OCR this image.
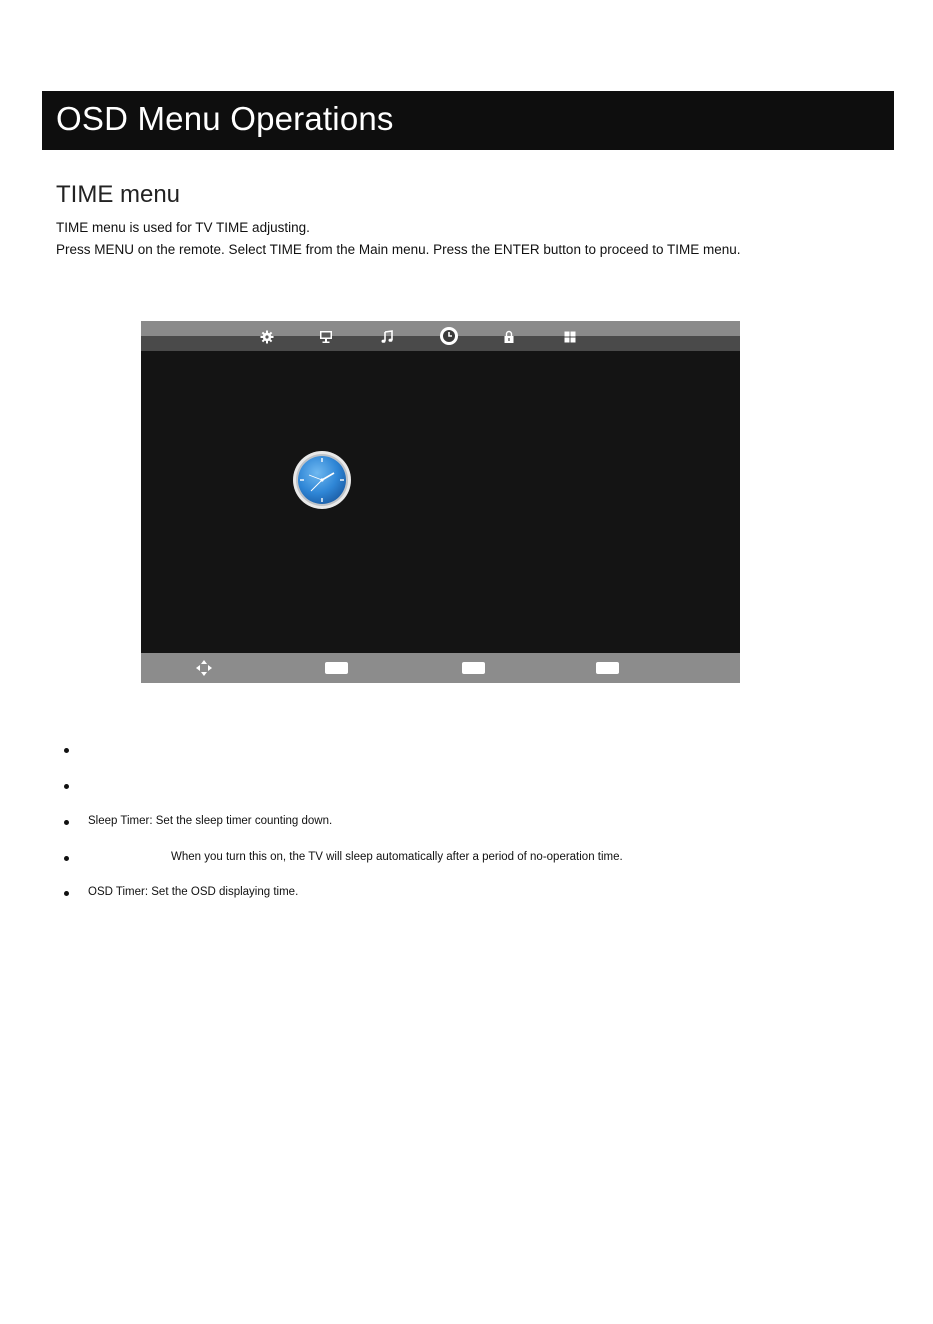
OSD Menu Operations
TIME menu
TIME menu is used for TV TIME adjusting.
Press MENU on the remote. Select TIME from the Main menu. Press the ENTER button to proceed to TIME menu.
Sleep Timer: Set the sleep timer counting down.
When you turn this on, the TV will sleep automatically after a period of no-operation time.
OSD Timer: Set the OSD displaying time.
